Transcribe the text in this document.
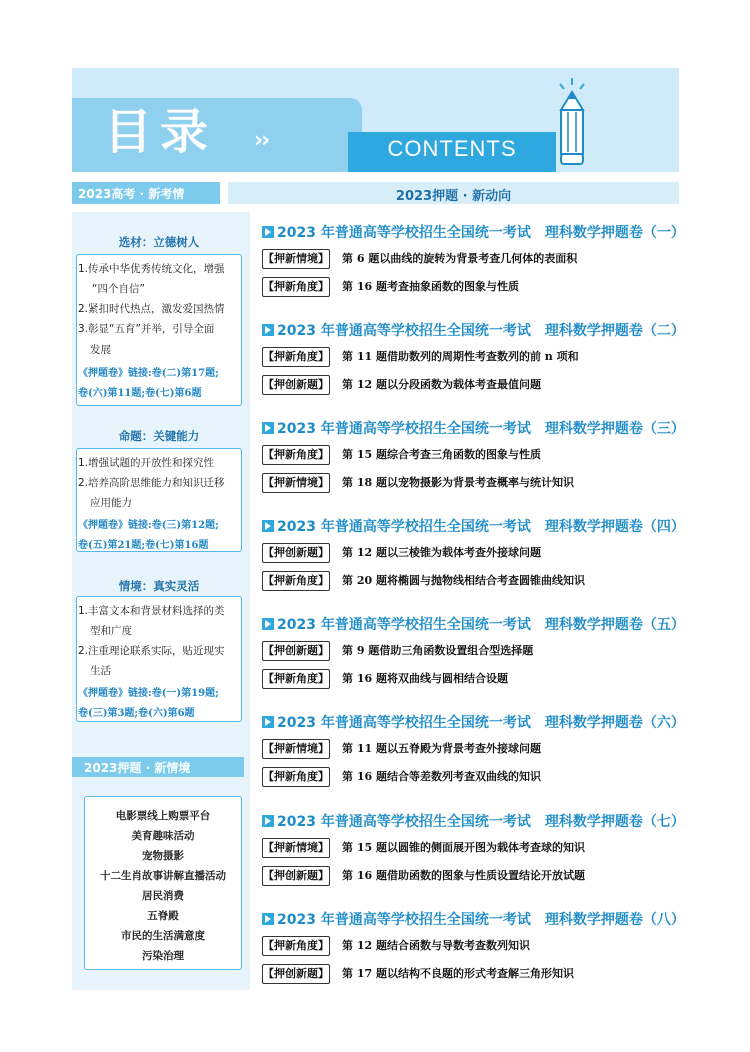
目录 ››	CONTENTS
2023高考 · 新考情	2023押题 · 新动向
选材：立德树人
1.传承中华优秀传统文化，增强
“四个自信”
2.紧扣时代热点，激发爱国热情
3.彰显“五育”并举，引导全面
发展
《押题卷》链接:卷(二)第17题;
卷(六)第11题;卷(七)第6题
命题：关键能力
1.增强试题的开放性和探究性
2.培养高阶思维能力和知识迁移
应用能力
《押题卷》链接:卷(三)第12题;
卷(五)第21题;卷(七)第16题
情境：真实灵活
1.丰富文本和背景材料选择的类
型和广度
2.注重理论联系实际，贴近现实
生活
《押题卷》链接:卷(一)第19题;
卷(三)第3题;卷(六)第6题
2023押题 · 新情境
电影票线上购票平台
美育趣味活动
宠物摄影
十二生肖故事讲解直播活动
居民消费
五脊殿
市民的生活满意度
污染治理
2023 年普通高等学校招生全国统一考试　理科数学押题卷（一）
【押新情境】 第 6 题以曲线的旋转为背景考查几何体的表面积
【押新角度】 第 16 题考查抽象函数的图象与性质
2023 年普通高等学校招生全国统一考试　理科数学押题卷（二）
【押新角度】 第 11 题借助数列的周期性考查数列的前 n 项和
【押创新题】 第 12 题以分段函数为载体考查最值问题
2023 年普通高等学校招生全国统一考试　理科数学押题卷（三）
【押新角度】 第 15 题综合考查三角函数的图象与性质
【押新情境】 第 18 题以宠物摄影为背景考查概率与统计知识
2023 年普通高等学校招生全国统一考试　理科数学押题卷（四）
【押创新题】 第 12 题以三棱锥为载体考查外接球问题
【押新角度】 第 20 题将椭圆与抛物线相结合考查圆锥曲线知识
2023 年普通高等学校招生全国统一考试　理科数学押题卷（五）
【押创新题】 第 9 题借助三角函数设置组合型选择题
【押新角度】 第 16 题将双曲线与圆相结合设题
2023 年普通高等学校招生全国统一考试　理科数学押题卷（六）
【押新情境】 第 11 题以五脊殿为背景考查外接球问题
【押新角度】 第 16 题结合等差数列考查双曲线的知识
2023 年普通高等学校招生全国统一考试　理科数学押题卷（七）
【押新情境】 第 15 题以圆锥的侧面展开图为载体考查球的知识
【押创新题】 第 16 题借助函数的图象与性质设置结论开放试题
2023 年普通高等学校招生全国统一考试　理科数学押题卷（八）
【押新角度】 第 12 题结合函数与导数考查数列知识
【押创新题】 第 17 题以结构不良题的形式考查解三角形知识
